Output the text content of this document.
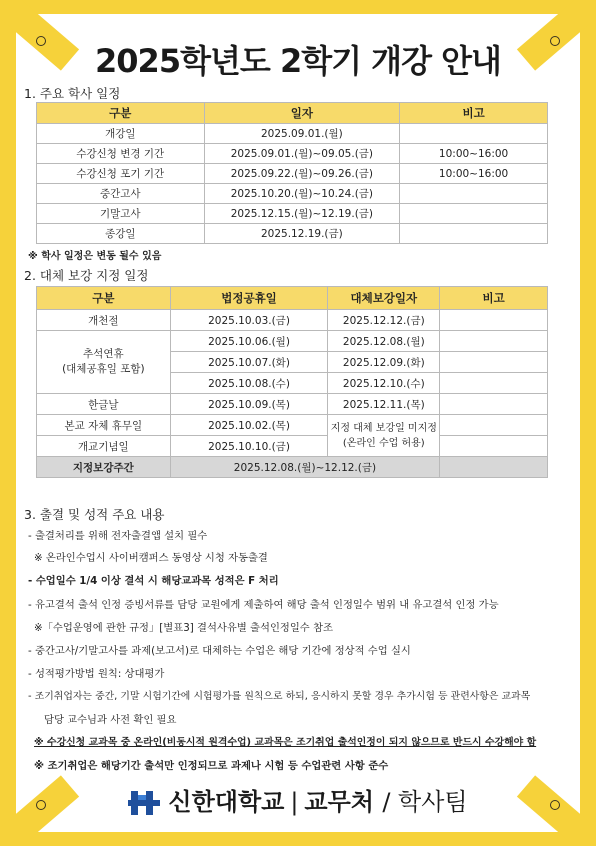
2025학년도 2학기 개강 안내
1. 주요 학사 일정
구분	일자	비고
개강일	2025.09.01.(월)	
수강신청 변경 기간	2025.09.01.(월)~09.05.(금)	10:00~16:00
수강신청 포기 기간	2025.09.22.(월)~09.26.(금)	10:00~16:00
중간고사	2025.10.20.(월)~10.24.(금)	
기말고사	2025.12.15.(월)~12.19.(금)	
종강일	2025.12.19.(금)	
※ 학사 일정은 변동 될수 있음
2. 대체 보강 지정 일정
구분	법정공휴일	대체보강일자	비고
개천절	2025.10.03.(금)	2025.12.12.(금)	
추석연휴
(대체공휴일 포함)	2025.10.06.(월)	2025.12.08.(월)	
	2025.10.07.(화)	2025.12.09.(화)	
	2025.10.08.(수)	2025.12.10.(수)	
한글날	2025.10.09.(목)	2025.12.11.(목)	
본교 자체 휴무일	2025.10.02.(목)	지정 대체 보강일 미지정
(온라인 수업 허용)	
개교기념일	2025.10.10.(금)		
지정보강주간	2025.12.08.(월)~12.12.(금)		
3. 출결 및 성적 주요 내용
- 출결처리를 위해 전자출결앱 설치 필수
※ 온라인수업시 사이버캠퍼스 동영상 시청 자동출결
- 수업일수 1/4 이상 결석 시 해당교과목 성적은 F 처리
- 유고결석 출석 인정 증빙서류를 담당 교원에게 제출하여 해당 출석 인정일수 범위 내 유고결석 인정 가능
※「수업운영에 관한 규정」[별표3] 결석사유별 출석인정일수 참조
- 중간고사/기말고사를 과제(보고서)로 대체하는 수업은 해당 기간에 정상적 수업 실시
- 성적평가방법 원칙: 상대평가
- 조기취업자는 중간, 기말 시험기간에 시험평가를 원칙으로 하되, 응시하지 못할 경우 추가시험 등 관련사항은 교과목
담당 교수님과 사전 확인 필요
※ 수강신청 교과목 중 온라인(비동시적 원격수업) 교과목은 조기취업 출석인정이 되지 않으므로 반드시 수강해야 함
※ 조기취업은 해당기간 출석만 인정되므로 과제나 시험 등 수업관련 사항 준수
신한대학교 | 교무처 / 학사팀
